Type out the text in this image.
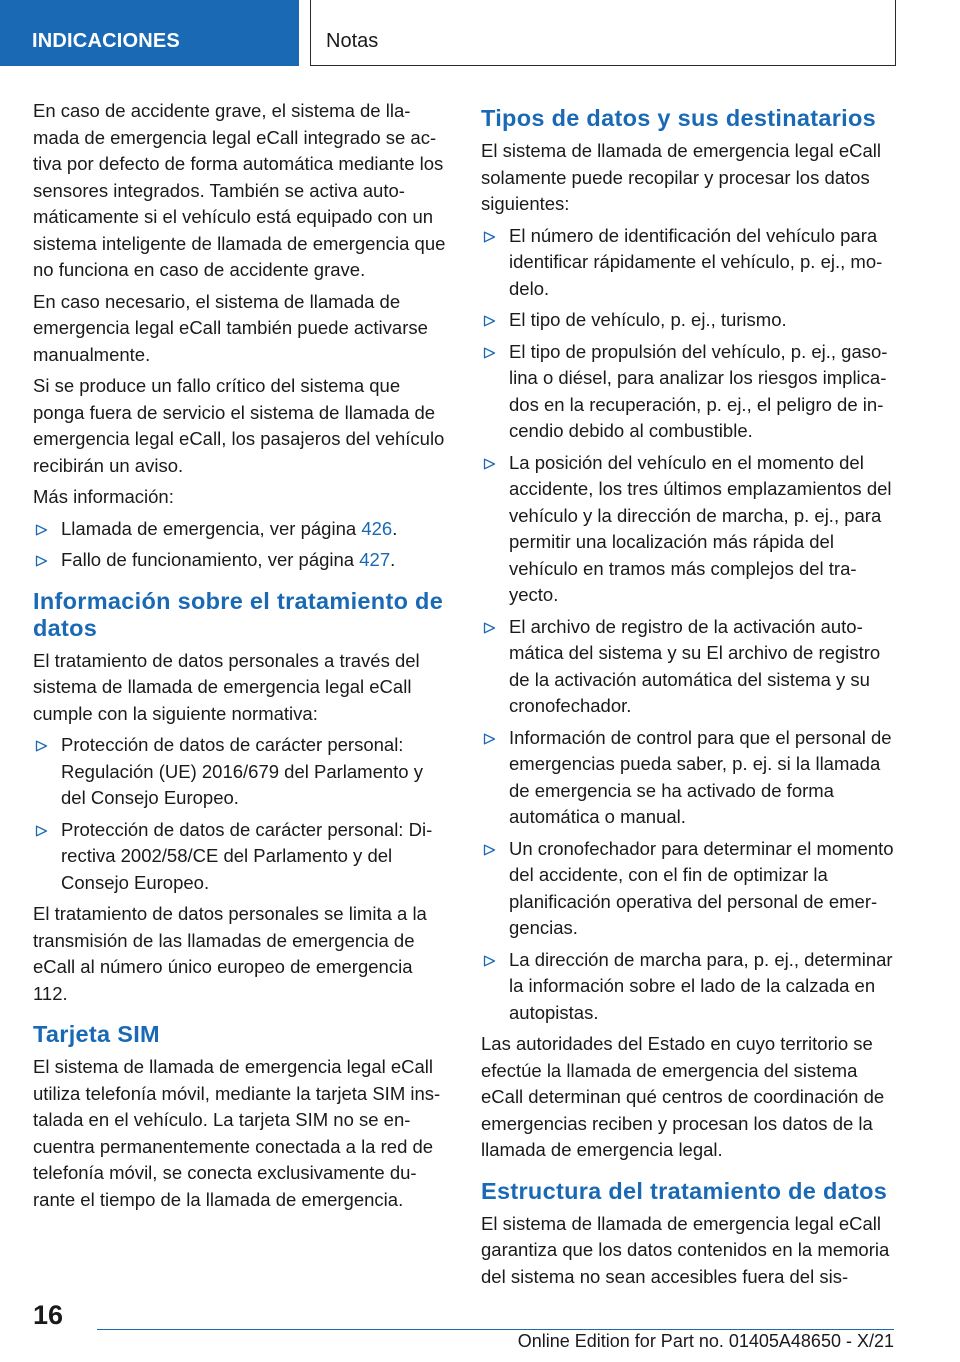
INDICACIONES	Notas

En caso de accidente grave, el sistema de llamada de emergencia legal eCall integrado se activa por defecto de forma automática mediante los sensores integrados. También se activa automáticamente si el vehículo está equipado con un sistema inteligente de llamada de emergencia que no funciona en caso de accidente grave.

En caso necesario, el sistema de llamada de emergencia legal eCall también puede activarse manualmente.

Si se produce un fallo crítico del sistema que ponga fuera de servicio el sistema de llamada de emergencia legal eCall, los pasajeros del vehículo recibirán un aviso.

Más información:

Llamada de emergencia, ver página 426.
Fallo de funcionamiento, ver página 427.
Información sobre el tratamiento de datos

El tratamiento de datos personales a través del sistema de llamada de emergencia legal eCall cumple con la siguiente normativa:

Protección de datos de carácter personal: Regulación (UE) 2016/679 del Parlamento y del Consejo Europeo.
Protección de datos de carácter personal: Directiva 2002/58/CE del Parlamento y del Consejo Europeo.

El tratamiento de datos personales se limita a la transmisión de las llamadas de emergencia de eCall al número único europeo de emergencia 112.

Tarjeta SIM

El sistema de llamada de emergencia legal eCall utiliza telefonía móvil, mediante la tarjeta SIM instalada en el vehículo. La tarjeta SIM no se encuentra permanentemente conectada a la red de telefonía móvil, se conecta exclusivamente durante el tiempo de la llamada de emergencia.

Tipos de datos y sus destinatarios

El sistema de llamada de emergencia legal eCall solamente puede recopilar y procesar los datos siguientes:

El número de identificación del vehículo para identificar rápidamente el vehículo, p. ej., modelo.
El tipo de vehículo, p. ej., turismo.
El tipo de propulsión del vehículo, p. ej., gasolina o diésel, para analizar los riesgos implicados en la recuperación, p. ej., el peligro de incendio debido al combustible.
La posición del vehículo en el momento del accidente, los tres últimos emplazamientos del vehículo y la dirección de marcha, p. ej., para permitir una localización más rápida del vehículo en tramos más complejos del trayecto.
El archivo de registro de la activación automática del sistema y su El archivo de registro de la activación automática del sistema y su cronofechador.
Información de control para que el personal de emergencias pueda saber, p. ej. si la llamada de emergencia se ha activado de forma automática o manual.
Un cronofechador para determinar el momento del accidente, con el fin de optimizar la planificación operativa del personal de emergencias.
La dirección de marcha para, p. ej., determinar la información sobre el lado de la calzada en autopistas.

Las autoridades del Estado en cuyo territorio se efectúe la llamada de emergencia del sistema eCall determinan qué centros de coordinación de emergencias reciben y procesan los datos de la llamada de emergencia legal.

Estructura del tratamiento de datos

El sistema de llamada de emergencia legal eCall garantiza que los datos contenidos en la memoria del sistema no sean accesibles fuera del sis-

16
Online Edition for Part no. 01405A48650 - X/21
